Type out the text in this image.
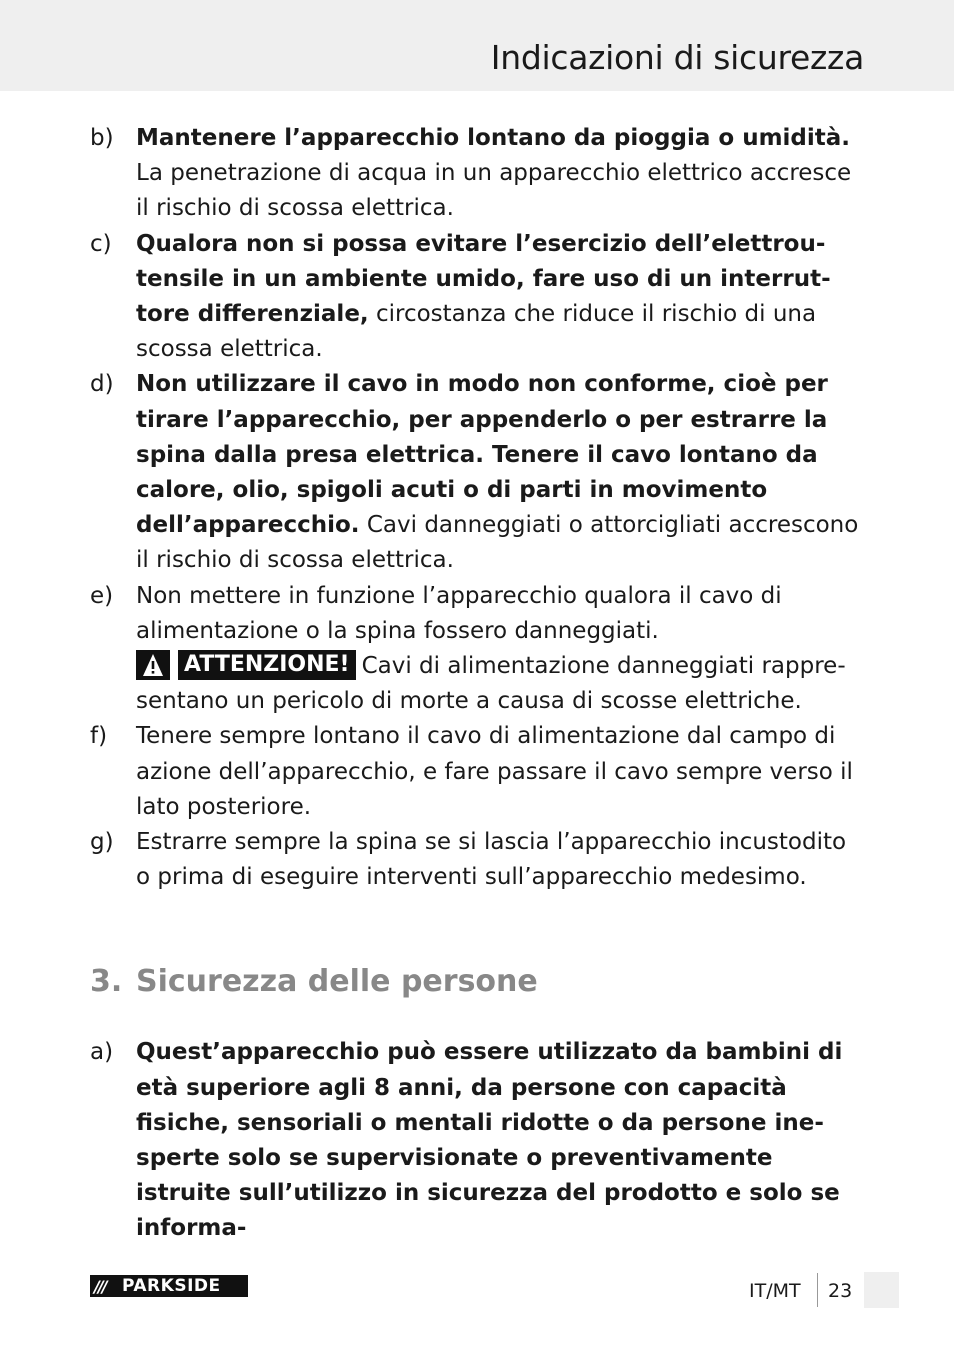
Indicazioni di sicurezza
b) Mantenere l’apparecchio lontano da pioggia o umidità. La penetrazione di acqua in un apparecchio elettrico accresce il rischio di scossa elettrica.
c)	Qualora non si possa evitare l’esercizio dell’elettroutensile in un ambiente umido, fare uso di un interruttore differenziale, circostanza che riduce il rischio di una scossa elettrica.
d) Non utilizzare il cavo in modo non conforme, cioè per tirare l’apparecchio, per appenderlo o per estrarre la spina dalla presa elettrica. Tenere il cavo lontano da calore, olio, spigoli acuti o di parti in movimento dell’apparecchio. Cavi danneggiati o attorcigliati accrescono il rischio di scossa elettrica.
e) Non mettere in funzione l’apparecchio qualora il cavo di alimentazione o la spina fossero danneggiati.

ATTENZIONE! Cavi di alimentazione danneggiati rappresentano un pericolo di morte a causa di scosse elettriche.
f)	Tenere sempre lontano il cavo di alimentazione dal campo di azione dell’apparecchio, e fare passare il cavo sempre verso il lato posteriore.
g) Estrarre sempre la spina se si lascia l’apparecchio incustodito o prima di eseguire interventi sull’apparecchio medesimo.
3. Sicurezza delle persone
a) Quest’apparecchio può essere utilizzato da bambini di età superiore agli 8 anni, da persone con capacità fisiche, sensoriali o mentali ridotte o da persone inesperte solo se supervisionate o preventivamente istruite sull’utilizzo in sicurezza del prodotto e solo se informa-
/// PARKSIDE	IT/MT 23
